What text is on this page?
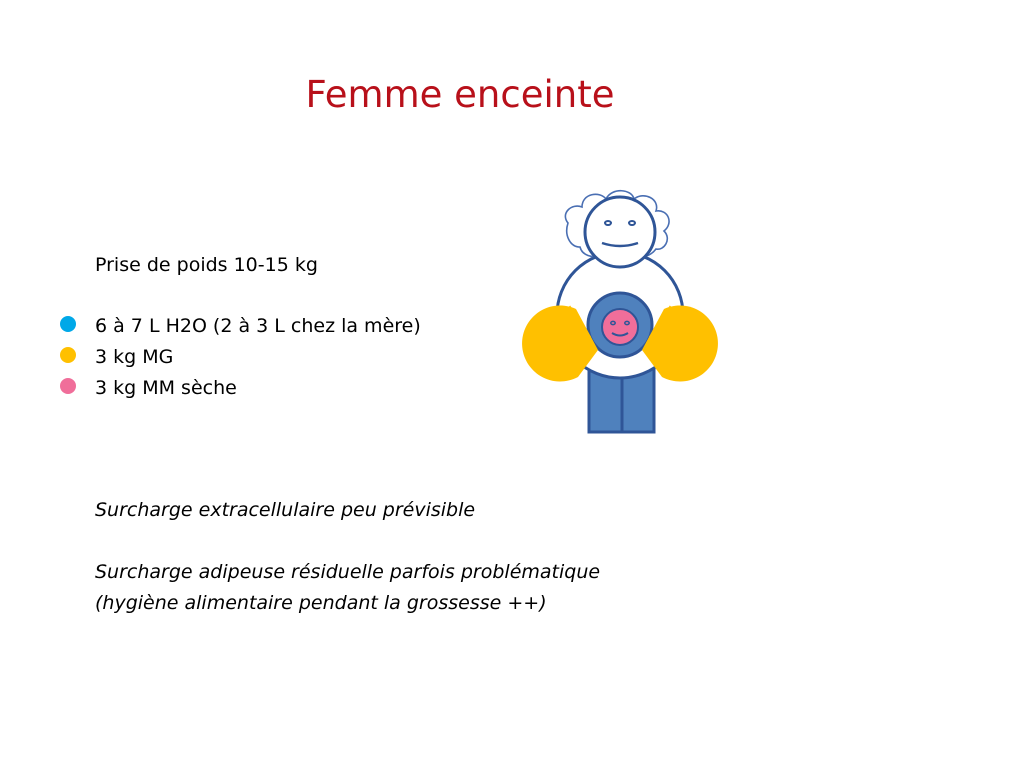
Femme enceinte
Prise de poids 10-15 kg
6 à 7 L H2O (2 à 3 L chez la mère)
3 kg MG
3 kg MM sèche
Surcharge extracellulaire peu prévisible
Surcharge adipeuse résiduelle parfois problématique
(hygiène alimentaire pendant la grossesse ++)
